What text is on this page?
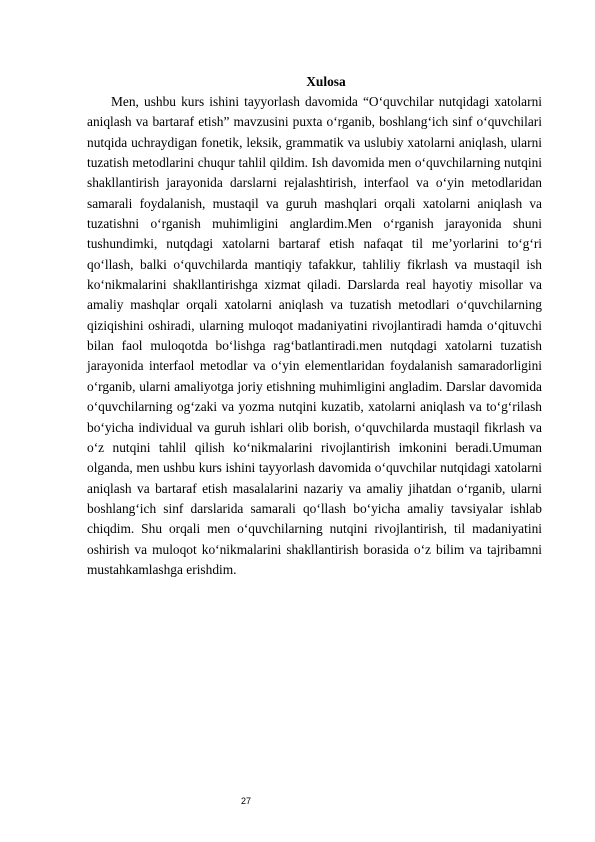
Xulosa

Men, ushbu kurs ishini tayyorlash davomida “O‘quvchilar nutqidagi xatolarni aniqlash va bartaraf etish” mavzusini puxta o‘rganib, boshlang‘ich sinf o‘quvchilari nutqida uchraydigan fonetik, leksik, grammatik va uslubiy xatolarni aniqlash, ularni tuzatish metodlarini chuqur tahlil qildim. Ish davomida men o‘quvchilarning nutqini shakllantirish jarayonida darslarni rejalashtirish, interfaol va o‘yin metodlaridan samarali foydalanish, mustaqil va guruh mashqlari orqali xatolarni aniqlash va tuzatishni o‘rganish muhimligini anglardim.Men o‘rganish jarayonida shuni tushundimki, nutqdagi xatolarni bartaraf etish nafaqat til me’yorlarini to‘g‘ri qo‘llash, balki o‘quvchilarda mantiqiy tafakkur, tahliliy fikrlash va mustaqil ish ko‘nikmalarini shakllantirishga xizmat qiladi. Darslarda real hayotiy misollar va amaliy mashqlar orqali xatolarni aniqlash va tuzatish metodlari o‘quvchilarning qiziqishini oshiradi, ularning muloqot madaniyatini rivojlantiradi hamda o‘qituvchi bilan faol muloqotda bo‘lishga rag‘batlantiradi.men nutqdagi xatolarni tuzatish jarayonida interfaol metodlar va o‘yin elementlaridan foydalanish samaradorligini o‘rganib, ularni amaliyotga joriy etishning muhimligini angladim. Darslar davomida o‘quvchilarning og‘zaki va yozma nutqini kuzatib, xatolarni aniqlash va to‘g‘rilash bo‘yicha individual va guruh ishlari olib borish, o‘quvchilarda mustaqil fikrlash va o‘z nutqini tahlil qilish ko‘nikmalarini rivojlantirish imkonini beradi.Umuman olganda, men ushbu kurs ishini tayyorlash davomida o‘quvchilar nutqidagi xatolarni aniqlash va bartaraf etish masalalarini nazariy va amaliy jihatdan o‘rganib, ularni boshlang‘ich sinf darslarida samarali qo‘llash bo‘yicha amaliy tavsiyalar ishlab chiqdim. Shu orqali men o‘quvchilarning nutqini rivojlantirish, til madaniyatini oshirish va muloqot ko‘nikmalarini shakllantirish borasida o‘z bilim va tajribamni mustahkamlashga erishdim.

27
